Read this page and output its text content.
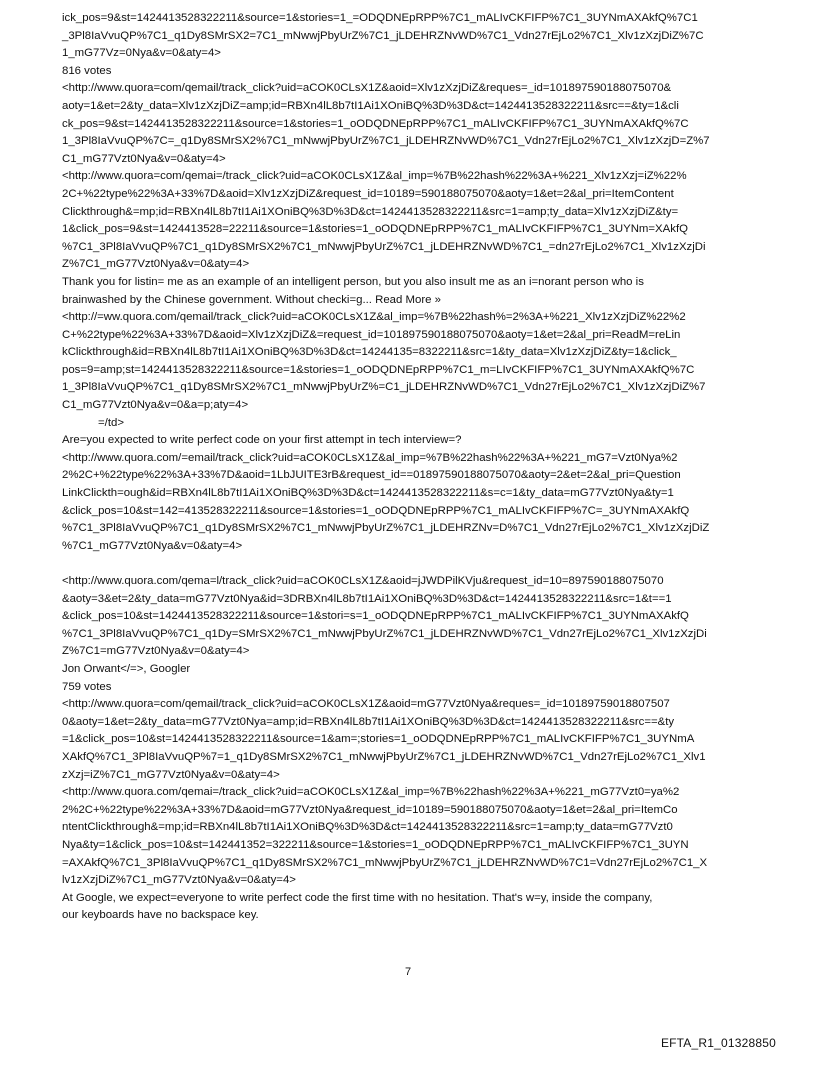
ick_pos=9&st=1424413528322211&source=1&stories=1_=ODQDNEpRPP%7C1_mALIvCKFIFP%7C1_3UYNmAXAkfQ%7C1
_3Pl8IaVvuQP%7C1_q1Dy8SMrSX2=7C1_mNwwjPbyUrZ%7C1_jLDEHRZNvWD%7C1_Vdn27rEjLo2%7C1_Xlv1zXzjDiZ%7C
1_mG77Vz=0Nya&v=0&aty=4>
816 votes
<http://www.quora=com/qemail/track_click?uid=aCOK0CLsX1Z&aoid=Xlv1zXzjDiZ&reques=_id=101897590188075070&
aoty=1&et=2&ty_data=Xlv1zXzjDiZ=amp;id=RBXn4lL8b7tI1Ai1XOniBQ%3D%3D&ct=1424413528322211&src==&ty=1&cli
ck_pos=9&st=1424413528322211&source=1&stories=1_oODQDNEpRPP%7C1_mALIvCKFIFP%7C1_3UYNmAXAkfQ%7C
1_3Pl8IaVvuQP%7C=_q1Dy8SMrSX2%7C1_mNwwjPbyUrZ%7C1_jLDEHRZNvWD%7C1_Vdn27rEjLo2%7C1_Xlv1zXzjD=Z%7
C1_mG77Vzt0Nya&v=0&aty=4>
<http://www.quora=com/qemai=/track_click?uid=aCOK0CLsX1Z&al_imp=%7B%22hash%22%3A+%221_Xlv1zXzj=iZ%22%
2C+%22type%22%3A+33%7D&aoid=Xlv1zXzjDiZ&request_id=10189=590188075070&aoty=1&et=2&al_pri=ItemContent
Clickthrough&=mp;id=RBXn4lL8b7tI1Ai1XOniBQ%3D%3D&ct=1424413528322211&src=1=amp;ty_data=Xlv1zXzjDiZ&ty=
1&click_pos=9&st=1424413528=22211&source=1&stories=1_oODQDNEpRPP%7C1_mALIvCKFIFP%7C1_3UYNm=XAkfQ
%7C1_3Pl8IaVvuQP%7C1_q1Dy8SMrSX2%7C1_mNwwjPbyUrZ%7C1_jLDEHRZNvWD%7C1_=dn27rEjLo2%7C1_Xlv1zXzjDi
Z%7C1_mG77Vzt0Nya&v=0&aty=4>
Thank you for listin= me as an example of an intelligent person, but you also insult me as an i=norant person who is
brainwashed by the Chinese government. Without checki=g... Read More »
<http://=ww.quora.com/qemail/track_click?uid=aCOK0CLsX1Z&al_imp=%7B%22hash%=2%3A+%221_Xlv1zXzjDiZ%22%2
C+%22type%22%3A+33%7D&aoid=Xlv1zXzjDiZ&=request_id=101897590188075070&aoty=1&et=2&al_pri=ReadM=reLin
kClickthrough&id=RBXn4lL8b7tI1Ai1XOniBQ%3D%3D&ct=14244135=8322211&src=1&ty_data=Xlv1zXzjDiZ&ty=1&click_
pos=9=amp;st=1424413528322211&source=1&stories=1_oODQDNEpRPP%7C1_m=LIvCKFIFP%7C1_3UYNmAXAkfQ%7C
1_3Pl8IaVvuQP%7C1_q1Dy8SMrSX2%7C1_mNwwjPbyUrZ%=C1_jLDEHRZNvWD%7C1_Vdn27rEjLo2%7C1_Xlv1zXzjDiZ%7
C1_mG77Vzt0Nya&v=0&a=p;aty=4>
=/td>
Are=you expected to write perfect code on your first attempt in tech interview=?
<http://www.quora.com/=email/track_click?uid=aCOK0CLsX1Z&al_imp=%7B%22hash%22%3A+%221_mG7=Vzt0Nya%2
2%2C+%22type%22%3A+33%7D&aoid=1LbJUITE3rB&request_id==01897590188075070&aoty=2&et=2&al_pri=Question
LinkClickth=ough&id=RBXn4lL8b7tI1Ai1XOniBQ%3D%3D&ct=1424413528322211&s=c=1&ty_data=mG77Vzt0Nya&ty=1
&click_pos=10&st=142=413528322211&source=1&stories=1_oODQDNEpRPP%7C1_mALIvCKFIFP%7C=_3UYNmAXAkfQ
%7C1_3Pl8IaVvuQP%7C1_q1Dy8SMrSX2%7C1_mNwwjPbyUrZ%7C1_jLDEHRZNv=D%7C1_Vdn27rEjLo2%7C1_Xlv1zXzjDiZ
%7C1_mG77Vzt0Nya&v=0&aty=4>
<http://www.quora.com/qema=l/track_click?uid=aCOK0CLsX1Z&aoid=jJWDPilKVju&request_id=10=897590188075070
&aoty=3&et=2&ty_data=mG77Vzt0Nya&id=3DRBXn4lL8b7tI1Ai1XOniBQ%3D%3D&ct=1424413528322211&src=1&t==1
&click_pos=10&st=1424413528322211&source=1&stori=s=1_oODQDNEpRPP%7C1_mALIvCKFIFP%7C1_3UYNmAXAkfQ
%7C1_3Pl8IaVvuQP%7C1_q1Dy=SMrSX2%7C1_mNwwjPbyUrZ%7C1_jLDEHRZNvWD%7C1_Vdn27rEjLo2%7C1_Xlv1zXzjDi
Z%7C1=mG77Vzt0Nya&v=0&aty=4>
Jon Orwant</=>, Googler
759 votes
<http://www.quora=com/qemail/track_click?uid=aCOK0CLsX1Z&aoid=mG77Vzt0Nya&reques=_id=10189759018807507
0&aoty=1&et=2&ty_data=mG77Vzt0Nya=amp;id=RBXn4lL8b7tI1Ai1XOniBQ%3D%3D&ct=1424413528322211&src==&ty
=1&click_pos=10&st=1424413528322211&source=1&am=;stories=1_oODQDNEpRPP%7C1_mALIvCKFIFP%7C1_3UYNmA
XAkfQ%7C1_3Pl8IaVvuQP%7=1_q1Dy8SMrSX2%7C1_mNwwjPbyUrZ%7C1_jLDEHRZNvWD%7C1_Vdn27rEjLo2%7C1_Xlv1
zXzj=iZ%7C1_mG77Vzt0Nya&v=0&aty=4>
<http://www.quora.com/qemai=/track_click?uid=aCOK0CLsX1Z&al_imp=%7B%22hash%22%3A+%221_mG77Vzt0=ya%2
2%2C+%22type%22%3A+33%7D&aoid=mG77Vzt0Nya&request_id=10189=590188075070&aoty=1&et=2&al_pri=ItemCo
ntentClickthrough&=mp;id=RBXn4lL8b7tI1Ai1XOniBQ%3D%3D&ct=1424413528322211&src=1=amp;ty_data=mG77Vzt0
Nya&ty=1&click_pos=10&st=142441352=322211&source=1&stories=1_oODQDNEpRPP%7C1_mALIvCKFIFP%7C1_3UYN
=AXAkfQ%7C1_3Pl8IaVvuQP%7C1_q1Dy8SMrSX2%7C1_mNwwjPbyUrZ%7C1_jLDEHRZNvWD%7C1=Vdn27rEjLo2%7C1_X
lv1zXzjDiZ%7C1_mG77Vzt0Nya&v=0&aty=4>
At Google, we expect=everyone to write perfect code the first time with no hesitation. That's w=y, inside the company,
our keyboards have no backspace key.
7
EFTA_R1_01328850
